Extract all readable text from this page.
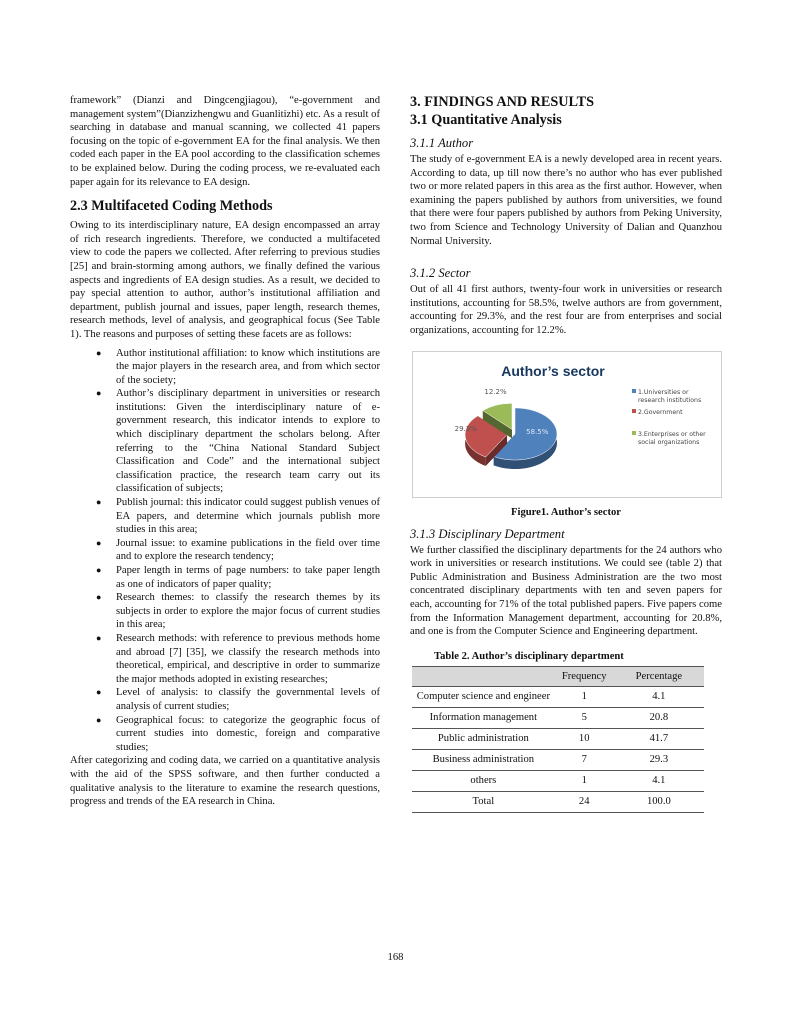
framework” (Dianzi and Dingcengjiagou), “e-government and management system”(Dianzizhengwu and Guanlitizhi) etc. As a result of searching in database and manual scanning, we collected 41 papers focusing on the topic of e-government EA for the final analysis. We then coded each paper in the EA pool according to the classification schemes to be explained below. During the coding process, we re-evaluated each paper again for its relevance to EA design.

2.3 Multifaceted Coding Methods

Owing to its interdisciplinary nature, EA design encompassed an array of rich research ingredients. Therefore, we conducted a multifaceted view to code the papers we collected. After referring to previous studies [25] and brain-storming among authors, we finally defined the various aspects and ingredients of EA design studies. As a result, we decided to pay special attention to author, author’s institutional affiliation and department, publish journal and issues, paper length, research themes, research methods, level of analysis, and geographical focus (See Table 1). The reasons and purposes of setting these facets are as follows:

● Author institutional affiliation: to know which institutions are the major players in the research area, and from which sector of the society;
● Author’s disciplinary department in universities or research institutions: Given the interdisciplinary nature of e-government research, this indicator intends to explore to which disciplinary department the scholars belong. After referring to the “China National Standard Subject Classification and Code” and the international subject classification practice, the research team carry out its classification of subjects;
● Publish journal: this indicator could suggest publish venues of EA papers, and determine which journals publish more studies in this area;
● Journal issue: to examine publications in the field over time and to explore the research tendency;
● Paper length in terms of page numbers: to take paper length as one of indicators of paper quality;
● Research themes: to classify the research themes by its subjects in order to explore the major focus of current studies in this area;
● Research methods: with reference to previous methods home and abroad [7] [35], we classify the research methods into theoretical, empirical, and descriptive in order to summarize the major methods adopted in existing researches;
● Level of analysis: to classify the governmental levels of analysis of current studies;
● Geographical focus: to categorize the geographic focus of current studies into domestic, foreign and comparative studies;

After categorizing and coding data, we carried on a quantitative analysis with the aid of the SPSS software, and then further conducted a qualitative analysis to the literature to examine the research questions, progress and trends of the EA research in China.

3. FINDINGS AND RESULTS
3.1 Quantitative Analysis
3.1.1 Author

The study of e-government EA is a newly developed area in recent years. According to data, up till now there’s no author who has ever published two or more related papers in this area as the first author. However, when examining the papers published by authors from universities, we found that there were four papers published by authors from Peking University, two from Science and Technology University of Dalian and Quanzhou Normal University.

3.1.2 Sector

Out of all 41 first authors, twenty-four work in universities or research institutions, accounting for 58.5%, twelve authors are from government, accounting for 29.3%, and the rest four are from enterprises and social organizations, accounting for 12.2%.

Author’s sector
58.5%
29.3%
12.2%	1.Universities or research institutions
2.Government
3.Enterprises or other social organizations
Figure1. Author’s sector
3.1.3 Disciplinary Department

We further classified the disciplinary departments for the 24 authors who work in universities or research institutions. We could see (table 2) that Public Administration and Business Administration are the two most concentrated disciplinary departments with ten and seven papers for each, accounting for 71% of the total published papers. Five papers come from the Information Management department, accounting for 20.8%, and one is from the Computer Science and Engineering department.

Table 2. Author’s disciplinary department
	Frequency	Percentage
Computer science and engineer	1	4.1
Information management	5	20.8
Public administration	10	41.7
Business administration	7	29.3
others	1	4.1
Total	24	100.0
168
